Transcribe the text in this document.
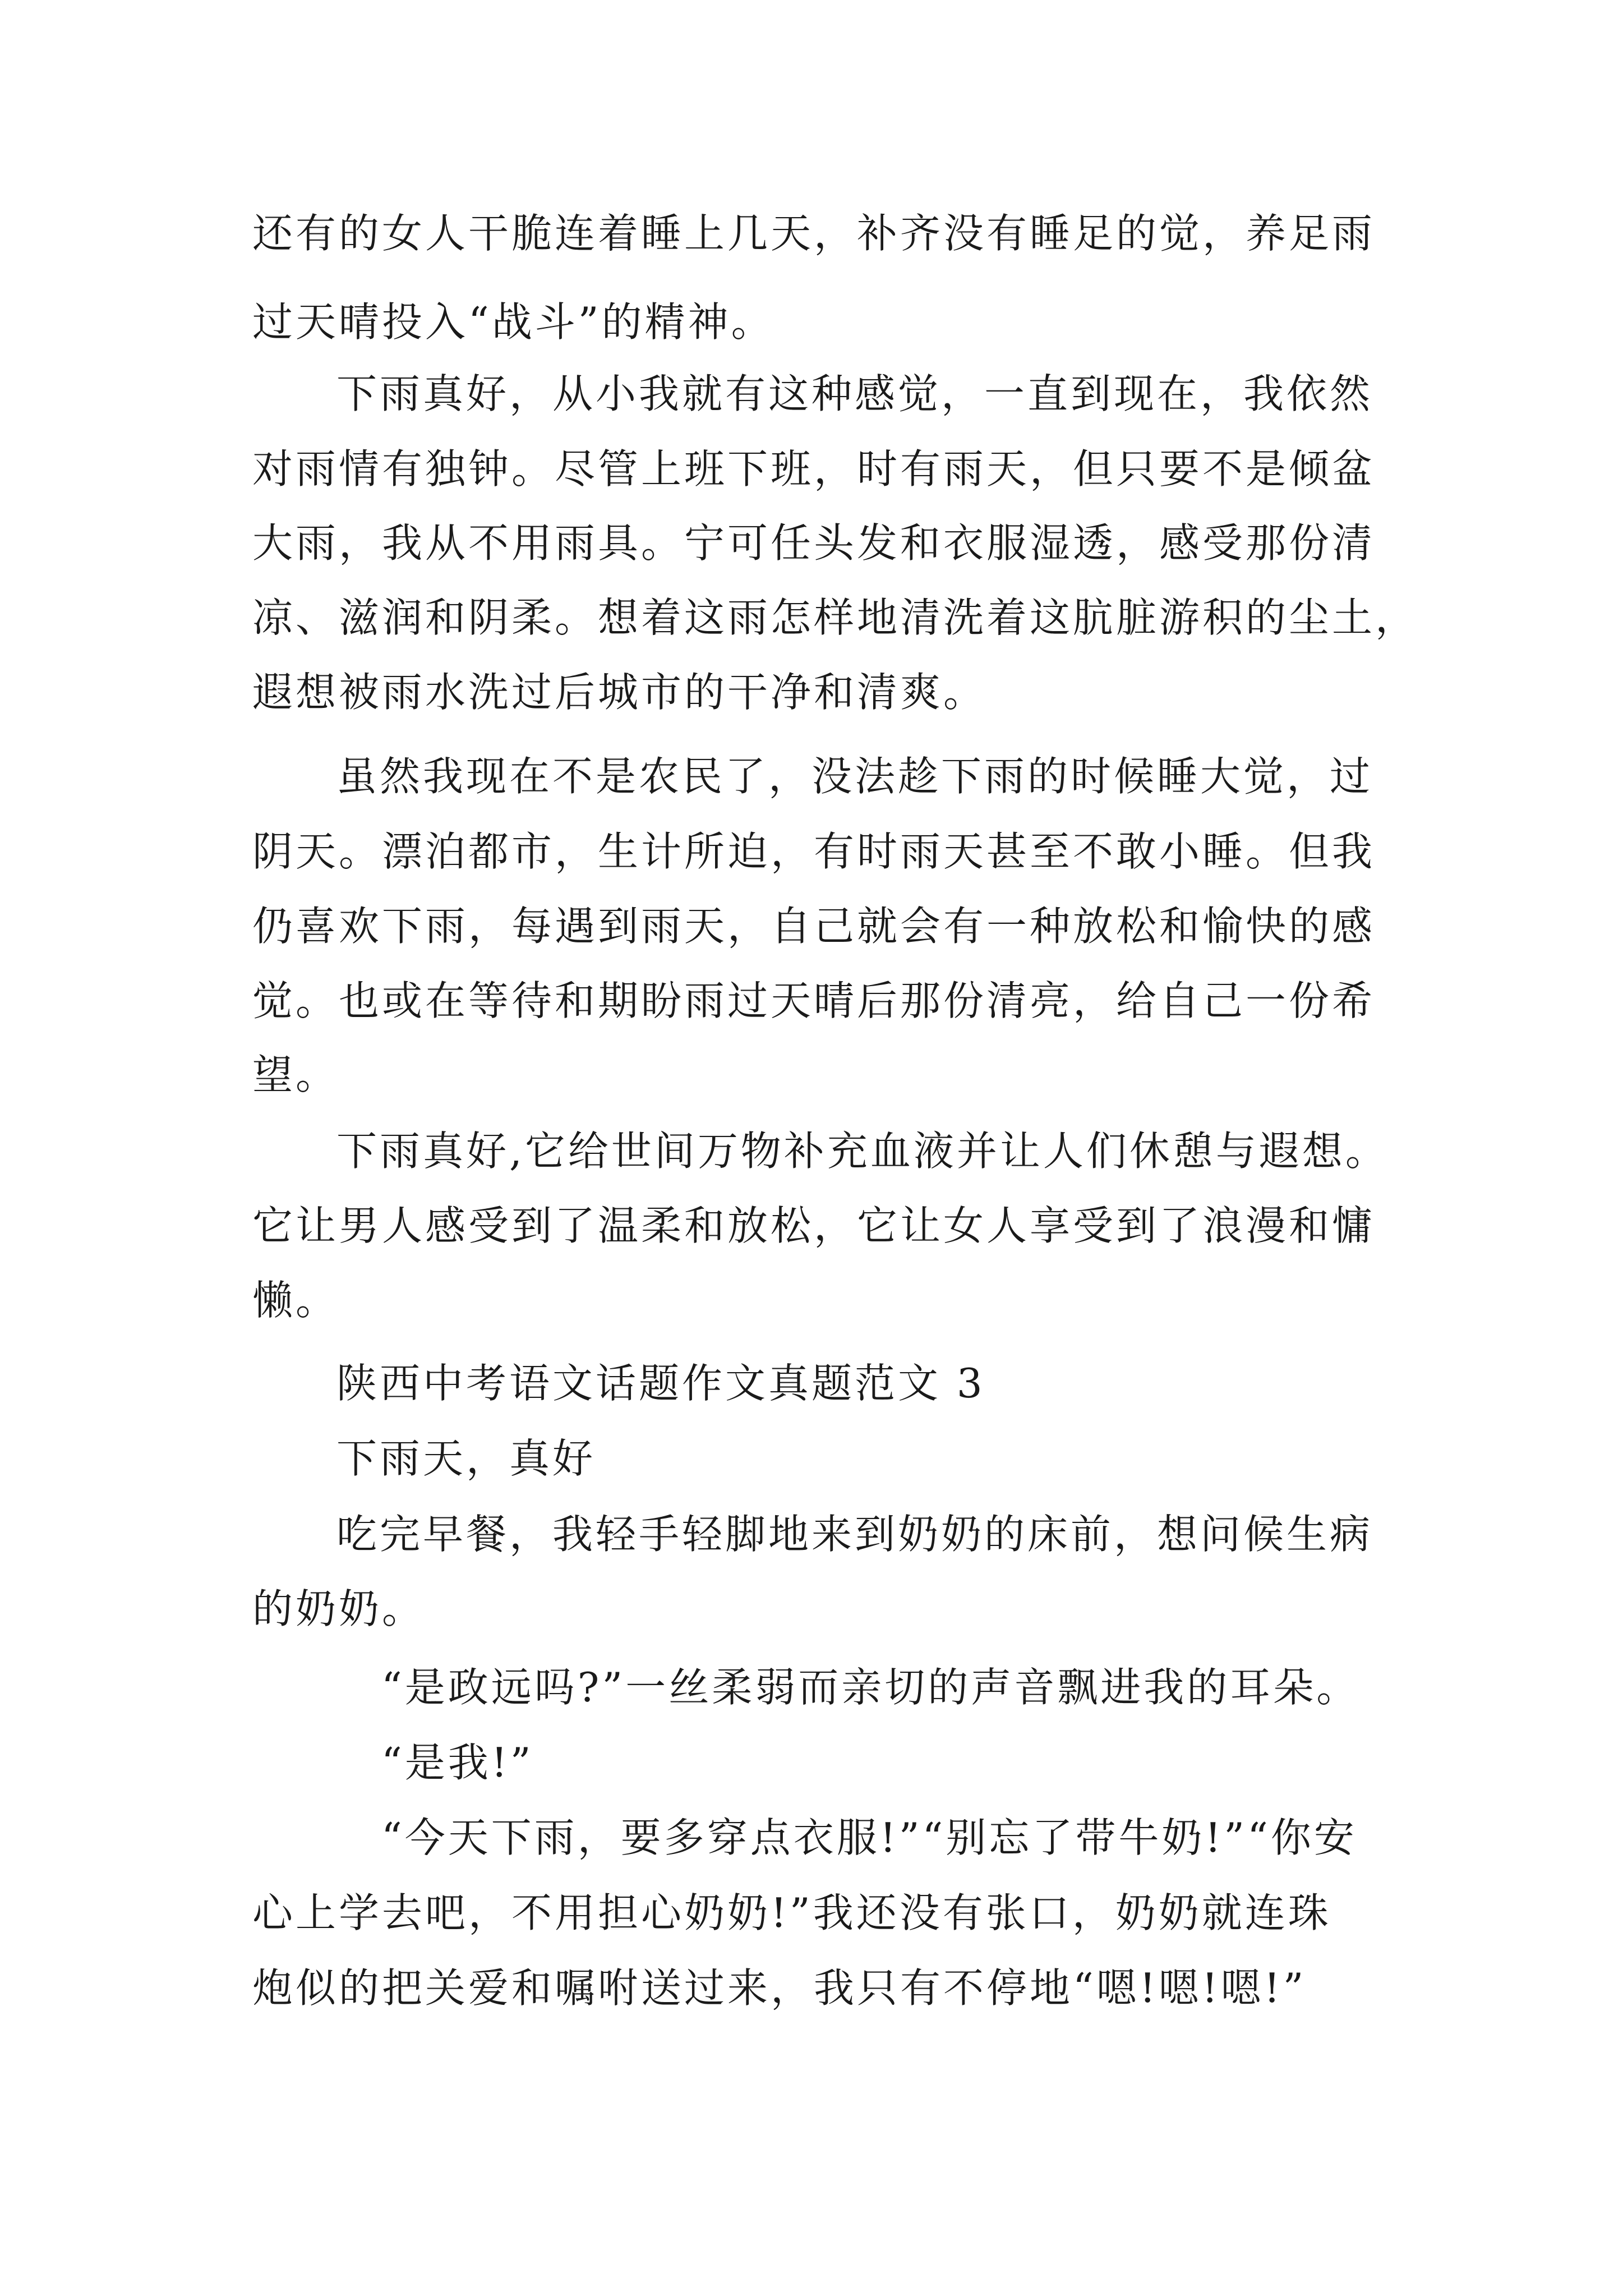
还有的女人干脆连着睡上几天，补齐没有睡足的觉，养足雨
过天晴投入“战斗”的精神。
下雨真好，从小我就有这种感觉，一直到现在，我依然
对雨情有独钟。尽管上班下班，时有雨天，但只要不是倾盆
大雨，我从不用雨具。宁可任头发和衣服湿透，感受那份清
凉、滋润和阴柔。想着这雨怎样地清洗着这肮脏游积的尘土，
遐想被雨水洗过后城市的干净和清爽。
虽然我现在不是农民了，没法趁下雨的时候睡大觉，过
阴天。漂泊都市，生计所迫，有时雨天甚至不敢小睡。但我
仍喜欢下雨，每遇到雨天，自己就会有一种放松和愉快的感
觉。也或在等待和期盼雨过天晴后那份清亮，给自己一份希
望。
下雨真好,它给世间万物补充血液并让人们休憩与遐想。
它让男人感受到了温柔和放松，它让女人享受到了浪漫和慵
懒。
陕西中考语文话题作文真题范文 3
下雨天，真好
吃完早餐，我轻手轻脚地来到奶奶的床前，想问候生病
的奶奶。
“是政远吗?”一丝柔弱而亲切的声音飘进我的耳朵。
“是我!”
“今天下雨，要多穿点衣服!”“别忘了带牛奶!”“你安
心上学去吧，不用担心奶奶!”我还没有张口，奶奶就连珠
炮似的把关爱和嘱咐送过来，我只有不停地“嗯!嗯!嗯!”
